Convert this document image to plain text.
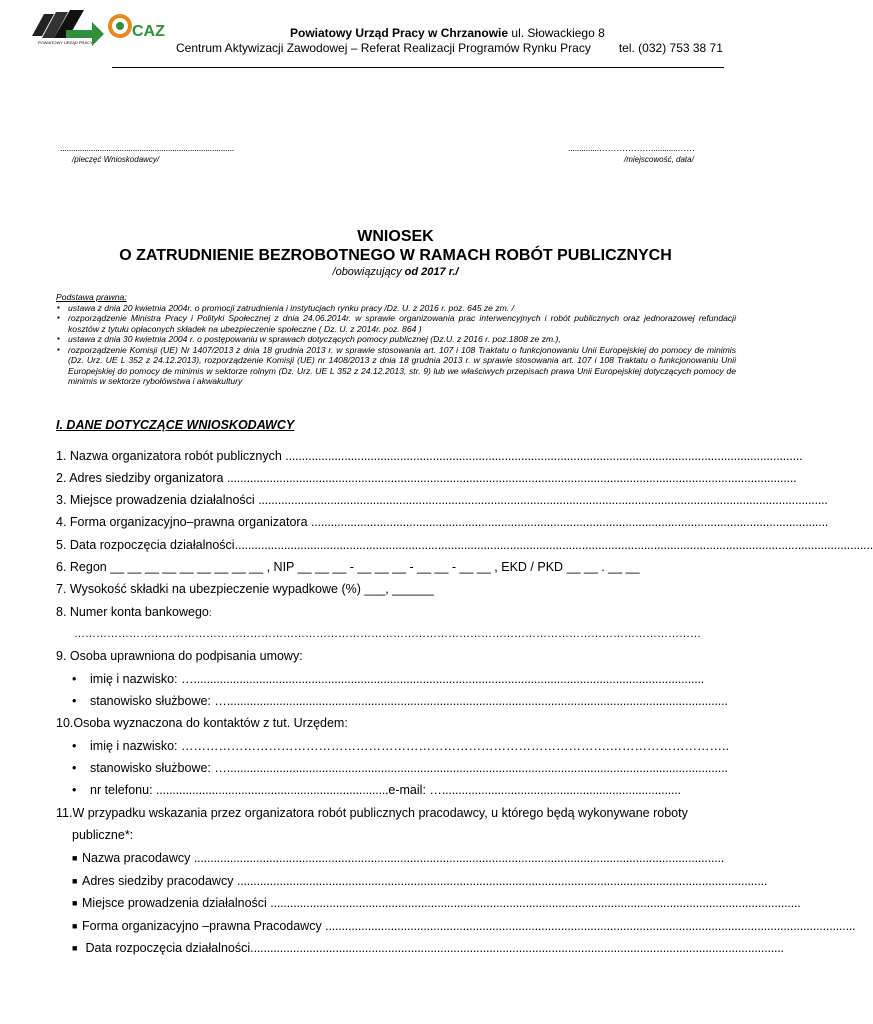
CAZ
POWIATOWY URZĄD PRACY
Powiatowy Urząd Pracy w Chrzanowie ul. Słowackiego 8
Centrum Aktywizacji Zawodowej – Referat Realizacji Programów Rynku Pracy tel. (032) 753 38 71
...............................................................................
/pieczęć Wnioskodawcy/
..............………………............……
/miejscowość, data/
WNIOSEK
O ZATRUDNIENIE BEZROBOTNEGO W RAMACH ROBÓT PUBLICZNYCH
/obowiązujący od 2017 r./
Podstawa prawna:
▪ ustawa z dnia 20 kwietnia 2004r. o promocji zatrudnienia i instytucjach rynku pracy /Dz. U. z 2016 r. poz. 645 ze zm. /
▪ rozporządzenie Ministra Pracy i Polityki Społecznej z dnia 24.06.2014r. w sprawie organizowania prac interwencyjnych i robót publicznych oraz jednorazowej refundacji kosztów z tytułu opłaconych składek na ubezpieczenie społeczne ( Dz. U. z 2014r. poz. 864 )
▪ ustawa z dnia 30 kwietnia 2004 r. o postępowaniu w sprawach dotyczących pomocy publicznej (Dz.U. z 2016 r. poz.1808 ze zm.),
▪ rozporządzenie Komisji (UE) Nr 1407/2013 z dnia 18 grudnia 2013 r. w sprawie stosowania art. 107 i 108 Traktatu o funkcjonowaniu Unii Europejskiej do pomocy de minimis (Dz. Urz. UE L 352 z 24.12.2013), rozporządzenie Komisji (UE) nr 1408/2013 z dnia 18 grudnia 2013 r. w sprawie stosowania art. 107 i 108 Traktatu o funkcjonowaniu Unii Europejskiej do pomocy de minimis w sektorze rolnym (Dz. Urz. UE L 352 z 24.12.2013, str. 9) lub we właściwych przepisach prawa Unii Europejskiej dotyczących pomocy de minimis w sektorze rybołówstwa i akwakultury
I. DANE DOTYCZĄCE WNIOSKODAWCY
1. Nazwa organizatora robót publicznych ..............................................................................................................................................................
2. Adres siedziby organizatora ..............................................................................................................................................................................
3. Miejsce prowadzenia działalności ..............................................................................................................................................................................
4. Forma organizacyjno–prawna organizatora ..............................................................................................................................................................
5. Data rozpoczęcia działalności...................................................................................................................................................................................................
6. Regon __ __ __ __ __ __ __ __ __ , NIP __ __ __ - __ __ __ - __ __ - __ __ , EKD / PKD __ __ . __ __
7. Wysokość składki na ubezpieczenie wypadkowe (%) ___, ______
8. Numer konta bankowego:
………………………………………………………………………………………………………………………………………………………
9. Osoba uprawniona do podpisania umowy:
• imię i nazwisko: …............................................................................................................................................................
• stanowisko służbowe: ….........................................................................................................................................................
10.Osoba wyznaczona do kontaktów z tut. Urzędem:
• imię i nazwisko: ………………………………………………………………………………………….………………………..
• stanowisko służbowe: ….........................................................................................................................................................
• nr telefonu: .......................................................................e-mail: ….........................................................................
11.W przypadku wskazania przez organizatora robót publicznych pracodawcy, u którego będą wykonywane roboty
publiczne*:
■ Nazwa pracodawcy ..................................................................................................................................................................
■ Adres siedziby pracodawcy ..................................................................................................................................................................
■ Miejsce prowadzenia działalności ..................................................................................................................................................................
■ Forma organizacyjno –prawna Pracodawcy ..................................................................................................................................................................
■ Data rozpoczęcia działalności...................................................................................................................................................................
